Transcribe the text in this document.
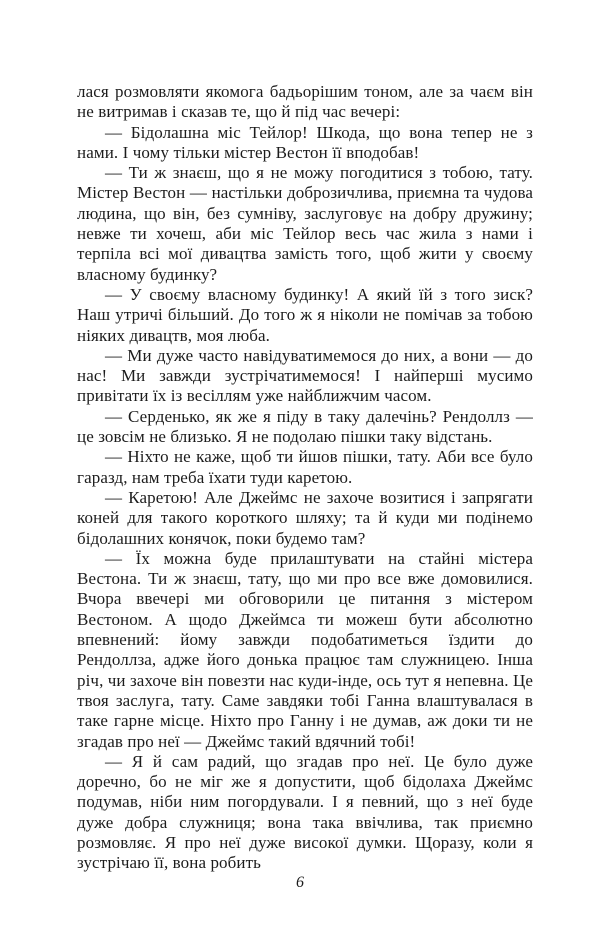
лася розмовляти якомога бадьорішим тоном, але за чаєм він не витримав і сказав те, що й під час вечері:

— Бідолашна міс Тейлор! Шкода, що вона тепер не з нами. І чому тільки містер Вестон її вподобав!

— Ти ж знаєш, що я не можу погодитися з тобою, тату. Містер Вестон — настільки доброзичлива, приємна та чудова людина, що він, без сумніву, заслуговує на добру дружину; невже ти хочеш, аби міс Тейлор весь час жила з нами і терпіла всі мої дивацтва замість того, щоб жити у своєму власному будинку?

— У своєму власному будинку! А який їй з того зиск? Наш утричі більший. До того ж я ніколи не помічав за тобою ніяких дивацтв, моя люба.

— Ми дуже часто навідуватимемося до них, а вони — до нас! Ми завжди зустрічатимемося! І найперші мусимо привітати їх із весіллям уже найближчим часом.

— Серденько, як же я піду в таку далечінь? Рендоллз — це зовсім не близько. Я не подолаю пішки таку відстань.

— Ніхто не каже, щоб ти йшов пішки, тату. Аби все було гаразд, нам треба їхати туди каретою.

— Каретою! Але Джеймс не захоче возитися і запрягати коней для такого короткого шляху; та й куди ми подінемо бідолашних конячок, поки будемо там?

— Їх можна буде прилаштувати на стайні містера Вестона. Ти ж знаєш, тату, що ми про все вже домовилися. Вчора ввечері ми обговорили це питання з містером Вестоном. А щодо Джеймса ти можеш бути абсолютно впевнений: йому завжди подобатиметься їздити до Рендоллза, адже його донька працює там служницею. Інша річ, чи захоче він повезти нас куди-інде, ось тут я непевна. Це твоя заслуга, тату. Саме завдяки тобі Ганна влаштувалася в таке гарне місце. Ніхто про Ганну і не думав, аж доки ти не згадав про неї — Джеймс такий вдячний тобі!

— Я й сам радий, що згадав про неї. Це було дуже доречно, бо не міг же я допустити, щоб бідолаха Джеймс подумав, ніби ним погордували. І я певний, що з неї буде дуже добра служниця; вона така ввічлива, так приємно розмовляє. Я про неї дуже високої думки. Щоразу, коли я зустрічаю її, вона робить

6
